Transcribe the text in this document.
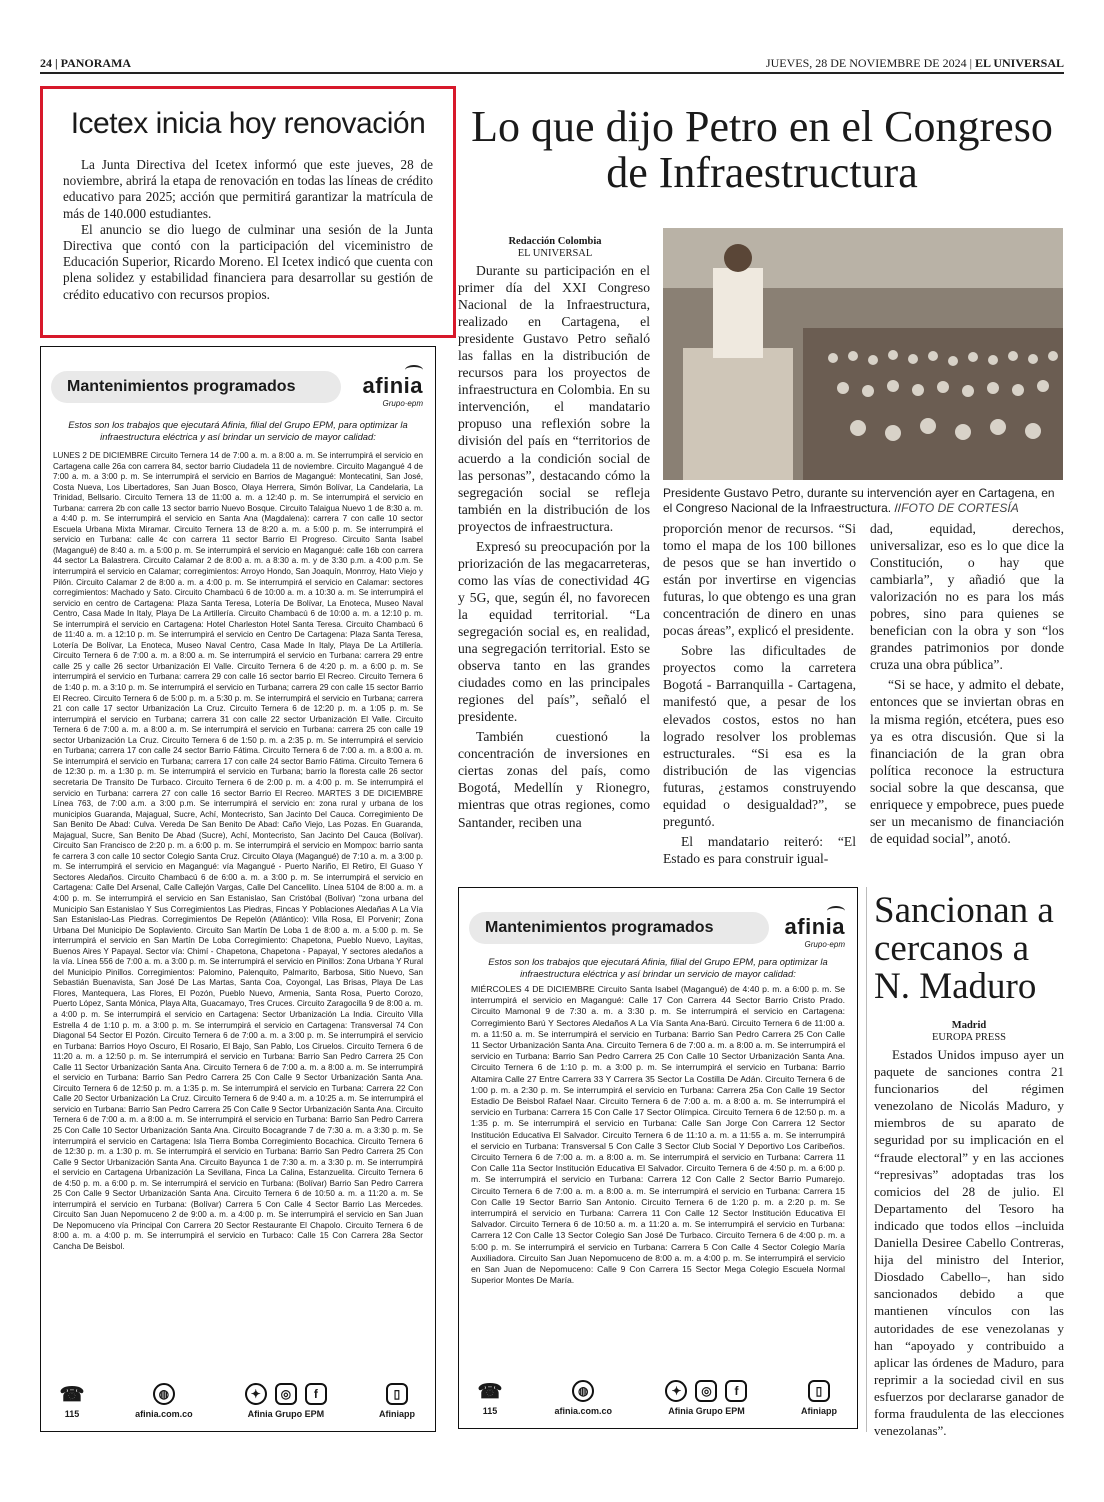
24 | PANORAMA	JUEVES, 28 DE NOVIEMBRE DE 2024 | EL UNIVERSAL
Icetex inicia hoy renovación

La Junta Directiva del Icetex informó que este jueves, 28 de noviembre, abrirá la etapa de renovación en todas las líneas de crédito educativo para 2025; acción que permitirá garantizar la matrícula de más de 140.000 estudiantes.

El anuncio se dio luego de culminar una sesión de la Junta Directiva que contó con la participación del viceministro de Educación Superior, Ricardo Moreno. El Icetex indicó que cuenta con plena solidez y estabilidad financiera para desarrollar su gestión de crédito educativo con recursos propios.

Mantenimientos programados	afinia
Grupo·epm
Estos son los trabajos que ejecutará Afinia, filial del Grupo EPM, para optimizar la infraestructura eléctrica y así brindar un servicio de mayor calidad:
LUNES 2 DE DICIEMBRE Circuito Ternera 14 de 7:00 a. m. a 8:00 a. m. Se interrumpirá el servicio en Cartagena calle 26a con carrera 84, sector barrio Ciudadela 11 de noviembre. Circuito Magangué 4 de 7:00 a. m. a 3:00 p. m. Se interrumpirá el servicio en Barrios de Magangué: Montecatini, San José, Costa Nueva, Los Libertadores, San Juan Bosco, Olaya Herrera, Simón Bolívar, La Candelaria, La Trinidad, Bellsario. Circuito Ternera 13 de 11:00 a. m. a 12:40 p. m. Se interrumpirá el servicio en Turbana: carrera 2b con calle 13 sector barrio Nuevo Bosque. Circuito Talaigua Nuevo 1 de 8:30 a. m. a 4:40 p. m. Se interrumpirá el servicio en Santa Ana (Magdalena): carrera 7 con calle 10 sector Escuela Urbana Mixta Miramar. Circuito Ternera 13 de 8:20 a. m. a 5:00 p. m. Se interrumpirá el servicio en Turbana: calle 4c con carrera 11 sector Barrio El Progreso. Circuito Santa Isabel (Magangué) de 8:40 a. m. a 5:00 p. m. Se interrumpirá el servicio en Magangué: calle 16b con carrera 44 sector La Balastrera. Circuito Calamar 2 de 8:00 a. m. a 8:30 a. m. y de 3:30 p.m. a 4:00 p.m. Se interrumpirá el servicio en Calamar; corregimientos: Arroyo Hondo, San Joaquín, Monrroy, Hato Viejo y Pilón. Circuito Calamar 2 de 8:00 a. m. a 4:00 p. m. Se interrumpirá el servicio en Calamar: sectores corregimientos: Machado y Sato. Circuito Chambacú 6 de 10:00 a. m. a 10:30 a. m. Se interrumpirá el servicio en centro de Cartagena: Plaza Santa Teresa, Lotería De Bolívar, La Enoteca, Museo Naval Centro, Casa Made In Italy, Playa De La Artillería. Circuito Chambacú 6 de 10:00 a. m. a 12:10 p. m. Se interrumpirá el servicio en Cartagena: Hotel Charleston Hotel Santa Teresa. Circuito Chambacú 6 de 11:40 a. m. a 12:10 p. m. Se interrumpirá el servicio en Centro De Cartagena: Plaza Santa Teresa, Lotería De Bolívar, La Enoteca, Museo Naval Centro, Casa Made In Italy, Playa De La Artillería. Circuito Ternera 6 de 7:00 a. m. a 8:00 a. m. Se interrumpirá el servicio en Turbana: carrera 29 entre calle 25 y calle 26 sector Urbanización El Valle. Circuito Ternera 6 de 4:20 p. m. a 6:00 p. m. Se interrumpirá el servicio en Turbana: carrera 29 con calle 16 sector barrio El Recreo. Circuito Ternera 6 de 1:40 p. m. a 3:10 p. m. Se interrumpirá el servicio en Turbana; carrera 29 con calle 15 sector Barrio El Recreo. Circuito Ternera 6 de 5:00 p. m. a 5:30 p. m. Se interrumpirá el servicio en Turbana; carrera 21 con calle 17 sector Urbanización La Cruz. Circuito Ternera 6 de 12:20 p. m. a 1:05 p. m. Se interrumpirá el servicio en Turbana; carrera 31 con calle 22 sector Urbanización El Valle. Circuito Ternera 6 de 7:00 a. m. a 8:00 a. m. Se interrumpirá el servicio en Turbana: carrera 25 con calle 19 sector Urbanización La Cruz. Circuito Ternera 6 de 1:50 p. m. a 2:35 p. m. Se interrumpirá el servicio en Turbana; carrera 17 con calle 24 sector Barrio Fátima. Circuito Ternera 6 de 7:00 a. m. a 8:00 a. m. Se interrumpirá el servicio en Turbana; carrera 17 con calle 24 sector Barrio Fátima. Circuito Ternera 6 de 12:30 p. m. a 1:30 p. m. Se interrumpirá el servicio en Turbana; barrio la floresta calle 26 sector secretaria De Transito De Turbaco. Circuito Ternera 6 de 2:00 p. m. a 4:00 p. m. Se interrumpirá el servicio en Turbana: carrera 27 con calle 16 sector Barrio El Recreo. MARTES 3 DE DICIEMBRE Línea 763, de 7:00 a.m. a 3:00 p.m. Se interrumpirá el servicio en: zona rural y urbana de los municipios Guaranda, Majagual, Sucre, Achí, Montecristo, San Jacinto Del Cauca. Corregimiento De San Benito De Abad: Culva. Vereda De San Benito De Abad: Caño Viejo, Las Pozas. En Guaranda, Majagual, Sucre, San Benito De Abad (Sucre), Achí, Montecristo, San Jacinto Del Cauca (Bolívar). Circuito San Francisco de 2:20 p. m. a 6:00 p. m. Se interrumpirá el servicio en Mompox: barrio santa fe carrera 3 con calle 10 sector Colegio Santa Cruz. Circuito Olaya (Magangué) de 7:10 a. m. a 3:00 p. m. Se interrumpirá el servicio en Magangué: vía Magangué - Puerto Nariño, El Retiro, El Guaso Y Sectores Aledaños. Circuito Chambacú 6 de 6:00 a. m. a 3:00 p. m. Se interrumpirá el servicio en Cartagena: Calle Del Arsenal, Calle Callejón Vargas, Calle Del Cancellito. Línea 5104 de 8:00 a. m. a 4:00 p. m. Se interrumpirá el servicio en San Estanislao, San Cristóbal (Bolívar) "zona urbana del Municipio San Estanislao Y Sus Corregimientos Las Piedras, Fincas Y Poblaciones Aledañas A La Vía San Estanislao-Las Piedras. Corregimientos De Repelón (Atlántico): Villa Rosa, El Porvenir; Zona Urbana Del Municipio De Soplaviento. Circuito San Martín De Loba 1 de 8:00 a. m. a 5:00 p. m. Se interrumpirá el servicio en San Martín De Loba Corregimiento: Chapetona, Pueblo Nuevo, Layitas, Buenos Aires Y Papayal. Sector vía: Chimí - Chapetona, Chapetona - Papayal, Y sectores aledaños a la vía. Línea 556 de 7:00 a. m. a 3:00 p. m. Se interrumpirá el servicio en Pinillos: Zona Urbana Y Rural del Municipio Pinillos. Corregimientos: Palomino, Palenquito, Palmarito, Barbosa, Sitio Nuevo, San Sebastián Buenavista, San José De Las Martas, Santa Coa, Coyongal, Las Brisas, Playa De Las Flores, Mantequera, Las Flores, El Pozón, Pueblo Nuevo, Armenia, Santa Rosa, Puerto Corozo, Puerto López, Santa Mónica, Playa Alta, Guacamayo, Tres Cruces. Circuito Zaragocilla 9 de 8:00 a. m. a 4:00 p. m. Se interrumpirá el servicio en Cartagena: Sector Urbanización La India. Circuito Villa Estrella 4 de 1:10 p. m. a 3:00 p. m. Se interrumpirá el servicio en Cartagena: Transversal 74 Con Diagonal 54 Sector El Pozón. Circuito Ternera 6 de 7:00 a. m. a 3:00 p. m. Se interrumpirá el servicio en Turbana: Barrios Hoyo Oscuro, El Rosario, El Bajo, San Pablo, Los Ciruelos. Circuito Ternera 6 de 11:20 a. m. a 12:50 p. m. Se interrumpirá el servicio en Turbana: Barrio San Pedro Carrera 25 Con Calle 11 Sector Urbanización Santa Ana. Circuito Ternera 6 de 7:00 a. m. a 8:00 a. m. Se interrumpirá el servicio en Turbana: Barrio San Pedro Carrera 25 Con Calle 9 Sector Urbanización Santa Ana. Circuito Ternera 6 de 12:50 p. m. a 1:35 p. m. Se interrumpirá el servicio en Turbana: Carrera 22 Con Calle 20 Sector Urbanización La Cruz. Circuito Ternera 6 de 9:40 a. m. a 10:25 a. m. Se interrumpirá el servicio en Turbana: Barrio San Pedro Carrera 25 Con Calle 9 Sector Urbanización Santa Ana. Circuito Ternera 6 de 7:00 a. m. a 8:00 a. m. Se interrumpirá el servicio en Turbana: Barrio San Pedro Carrera 25 Con Calle 10 Sector Urbanización Santa Ana. Circuito Bocagrande 7 de 7:30 a. m. a 3:30 p. m. Se interrumpirá el servicio en Cartagena: Isla Tierra Bomba Corregimiento Bocachica. Circuito Ternera 6 de 12:30 p. m. a 1:30 p. m. Se interrumpirá el servicio en Turbana: Barrio San Pedro Carrera 25 Con Calle 9 Sector Urbanización Santa Ana. Circuito Bayunca 1 de 7:30 a. m. a 3:30 p. m. Se interrumpirá el servicio en Cartagena Urbanización La Sevillana, Finca La Calina, Estanzuelita. Circuito Ternera 6 de 4:50 p. m. a 6:00 p. m. Se interrumpirá el servicio en Turbana: (Bolívar) Barrio San Pedro Carrera 25 Con Calle 9 Sector Urbanización Santa Ana. Circuito Ternera 6 de 10:50 a. m. a 11:20 a. m. Se interrumpirá el servicio en Turbana: (Bolívar) Carrera 5 Con Calle 4 Sector Barrio Las Mercedes. Circuito San Juan Nepomuceno 2 de 9:00 a. m. a 4:00 p. m. Se interrumpirá el servicio en San Juan De Nepomuceno vía Principal Con Carrera 20 Sector Restaurante El Chapolo. Circuito Ternera 6 de 8:00 a. m. a 4:00 p. m. Se interrumpirá el servicio en Turbaco: Calle 15 Con Carrera 28a Sector Cancha De Beisbol.
☎
115
◍
afinia.com.co
✦	◎	f
Afinia Grupo EPM
▯
Afiniapp
Lo que dijo Petro en el Congreso de Infraestructura
Redacción Colombia
EL UNIVERSAL
Presidente Gustavo Petro, durante su intervención ayer en Cartagena, en el Congreso Nacional de la Infraestructura. //FOTO DE CORTESÍA

Durante su participación en el primer día del XXI Congreso Nacional de la Infraestructura, realizado en Cartagena, el presidente Gustavo Petro señaló las fallas en la distribución de recursos para los proyectos de infraestructura en Colombia. En su intervención, el mandatario propuso una reflexión sobre la división del país en “territorios de acuerdo a la condición social de las personas”, destacando cómo la segregación social se refleja también en la distribución de los proyectos de infraestructura.

Expresó su preocupación por la priorización de las megacarreteras, como las vías de conectividad 4G y 5G, que, según él, no favorecen la equidad territorial. “La segregación social es, en realidad, una segregación territorial. Esto se observa tanto en las grandes ciudades como en las principales regiones del país”, señaló el presidente.

También cuestionó la concentración de inversiones en ciertas zonas del país, como Bogotá, Medellín y Rionegro, mientras que otras regiones, como Santander, reciben una

proporción menor de recursos. “Si tomo el mapa de los 100 billones de pesos que se han invertido o están por invertirse en vigencias futuras, lo que obtengo es una gran concentración de dinero en unas pocas áreas”, explicó el presidente.

Sobre las dificultades de proyectos como la carretera Bogotá - Barranquilla - Cartagena, manifestó que, a pesar de los elevados costos, estos no han logrado resolver los problemas estructurales. “Si esa es la distribución de las vigencias futuras, ¿estamos construyendo equidad o desigualdad?”, se preguntó.

El mandatario reiteró: “El Estado es para construir igual-

dad, equidad, derechos, universalizar, eso es lo que dice la Constitución, o hay que cambiarla”, y añadió que la valorización no es para los más pobres, sino para quienes se benefician con la obra y son “los grandes patrimonios por donde cruza una obra pública”.

“Si se hace, y admito el debate, entonces que se inviertan obras en la misma región, etcétera, pues eso ya es otra discusión. Que si la financiación de la gran obra política reconoce la estructura social sobre la que descansa, que enriquece y empobrece, pues puede ser un mecanismo de financiación de equidad social”, anotó.

Mantenimientos programados	afinia
Grupo·epm
Estos son los trabajos que ejecutará Afinia, filial del Grupo EPM, para optimizar la infraestructura eléctrica y así brindar un servicio de mayor calidad:
MIÉRCOLES 4 DE DICIEMBRE Circuito Santa Isabel (Magangué) de 4:40 p. m. a 6:00 p. m. Se interrumpirá el servicio en Magangué: Calle 17 Con Carrera 44 Sector Barrio Cristo Prado. Circuito Mamonal 9 de 7:30 a. m. a 3:30 p. m. Se interrumpirá el servicio en Cartagena: Corregimiento Barú Y Sectores Aledaños A La Vía Santa Ana-Barú. Circuito Ternera 6 de 11:00 a. m. a 11:50 a. m. Se interrumpirá el servicio en Turbana: Barrio San Pedro Carrera 25 Con Calle 11 Sector Urbanización Santa Ana. Circuito Ternera 6 de 7:00 a. m. a 8:00 a. m. Se interrumpirá el servicio en Turbana: Barrio San Pedro Carrera 25 Con Calle 10 Sector Urbanización Santa Ana. Circuito Ternera 6 de 1:10 p. m. a 3:00 p. m. Se interrumpirá el servicio en Turbana: Barrio Altamira Calle 27 Entre Carrera 33 Y Carrera 35 Sector La Costilla De Adán. Circuito Ternera 6 de 1:00 p. m. a 2:30 p. m. Se interrumpirá el servicio en Turbana: Carrera 25a Con Calle 19 Sector Estadio De Beisbol Rafael Naar. Circuito Ternera 6 de 7:00 a. m. a 8:00 a. m. Se interrumpirá el servicio en Turbana: Carrera 15 Con Calle 17 Sector Olímpica. Circuito Ternera 6 de 12:50 p. m. a 1:35 p. m. Se interrumpirá el servicio en Turbana: Calle San Jorge Con Carrera 12 Sector Institución Educativa El Salvador. Circuito Ternera 6 de 11:10 a. m. a 11:55 a. m. Se interrumpirá el servicio en Turbana: Transversal 5 Con Calle 3 Sector Club Social Y Deportivo Los Caribeños. Circuito Ternera 6 de 7:00 a. m. a 8:00 a. m. Se interrumpirá el servicio en Turbana: Carrera 11 Con Calle 11a Sector Institución Educativa El Salvador. Circuito Ternera 6 de 4:50 p. m. a 6:00 p. m. Se interrumpirá el servicio en Turbana: Carrera 12 Con Calle 2 Sector Barrio Pumarejo. Circuito Ternera 6 de 7:00 a. m. a 8:00 a. m. Se interrumpirá el servicio en Turbana: Carrera 15 Con Calle 19 Sector Barrio San Antonio. Circuito Ternera 6 de 1:20 p. m. a 2:20 p. m. Se interrumpirá el servicio en Turbana: Carrera 11 Con Calle 12 Sector Institución Educativa El Salvador. Circuito Ternera 6 de 10:50 a. m. a 11:20 a. m. Se interrumpirá el servicio en Turbana: Carrera 12 Con Calle 13 Sector Colegio San José De Turbaco. Circuito Ternera 6 de 4:00 p. m. a 5:00 p. m. Se interrumpirá el servicio en Turbana: Carrera 5 Con Calle 4 Sector Colegio María Auxiliadora. Circuito San Juan Nepomuceno de 8:00 a. m. a 4:00 p. m. Se interrumpirá el servicio en San Juan de Nepomuceno: Calle 9 Con Carrera 15 Sector Mega Colegio Escuela Normal Superior Montes De María.
☎
115
◍
afinia.com.co
✦	◎	f
Afinia Grupo EPM
▯
Afiniapp
Sancionan a cercanos a N. Maduro
Madrid
EUROPA PRESS
Estados Unidos impuso ayer un paquete de sanciones contra 21 funcionarios del régimen venezolano de Nicolás Maduro, y miembros de su aparato de seguridad por su implicación en el “fraude electoral” y en las acciones “represivas” adoptadas tras los comicios del 28 de julio. El Departamento del Tesoro ha indicado que todos ellos –incluida Daniella Desiree Cabello Contreras, hija del ministro del Interior, Diosdado Cabello–, han sido sancionados debido a que mantienen vínculos con las autoridades de ese venezolanas y han “apoyado y contribuido a aplicar las órdenes de Maduro, para reprimir a la sociedad civil en sus esfuerzos por declararse ganador de forma fraudulenta de las elecciones venezolanas”.
